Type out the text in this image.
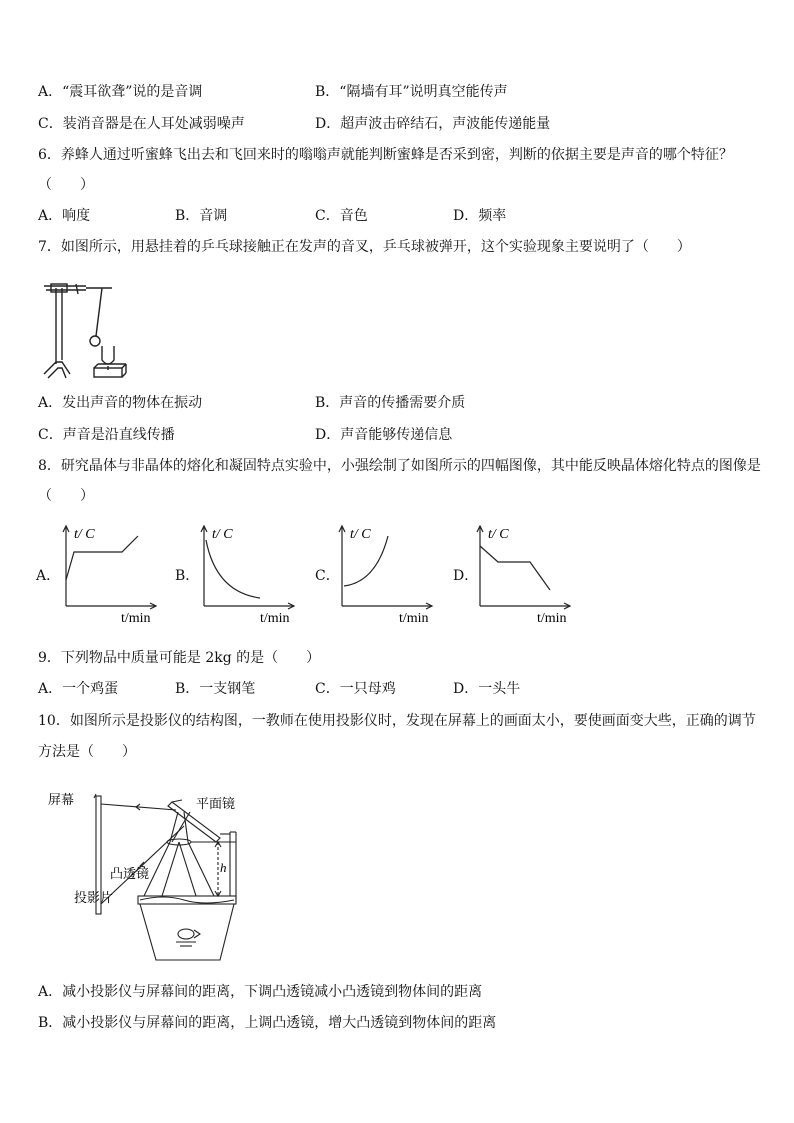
A．“震耳欲聋”说的是音调	B．“隔墙有耳”说明真空能传声
C．装消音器是在人耳处减弱噪声	D．超声波击碎结石，声波能传递能量
6．养蜂人通过听蜜蜂飞出去和飞回来时的嗡嗡声就能判断蜜蜂是否采到密，判断的依据主要是声音的哪个特征？
（　　）
A．响度	B．音调	C．音色	D．频率
7．如图所示，用悬挂着的乒乓球接触正在发声的音叉，乒乓球被弹开，这个实验现象主要说明了（　　）
A．发出声音的物体在振动	B．声音的传播需要介质
C．声音是沿直线传播	D．声音能够传递信息
8．研究晶体与非晶体的熔化和凝固特点实验中，小强绘制了如图所示的四幅图像，其中能反映晶体熔化特点的图像是
（　　）
A．
t/ C
t/min
B．
t/ C
t/min
C．
t/ C
t/min
D．
t/ C
t/min
9．下列物品中质量可能是 2kg 的是（　　）
A．一个鸡蛋	B．一支钢笔	C．一只母鸡	D．一头牛
10．如图所示是投影仪的结构图，一教师在使用投影仪时，发现在屏幕上的画面太小，要使画面变大些，正确的调节
方法是（　　）
屏幕	平面镜
凸透镜
投影片
h
A．减小投影仪与屏幕间的距离，下调凸透镜减小凸透镜到物体间的距离
B．减小投影仪与屏幕间的距离，上调凸透镜，增大凸透镜到物体间的距离
